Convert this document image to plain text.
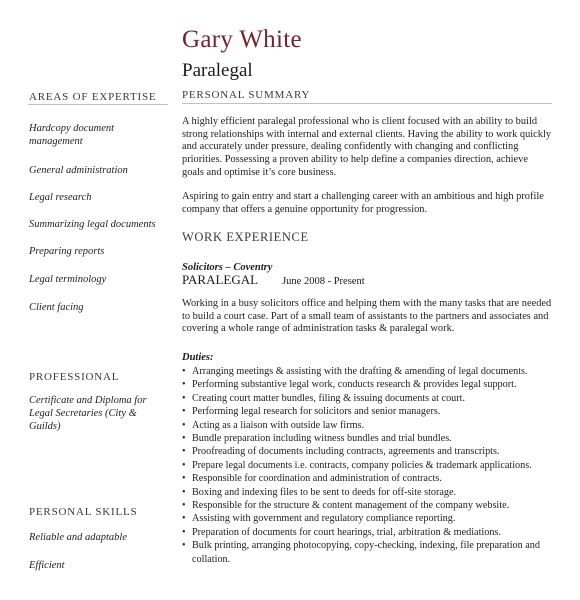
Gary White
Paralegal
AREAS OF EXPERTISE
Hardcopy document management
General administration
Legal research
Summarizing legal documents
Preparing reports
Legal terminology
Client facing
PROFESSIONAL
Certificate and Diploma for Legal Secretaries (City & Guilds)
PERSONAL SKILLS
Reliable and adaptable
Efficient
PERSONAL SUMMARY
A highly efficient paralegal professional who is client focused with an ability to build strong relationships with internal and external clients. Having the ability to work quickly and accurately under pressure, dealing confidently with changing and conflicting priorities. Possessing a proven ability to help define a companies direction, achieve goals and optimise it’s core business.
Aspiring to gain entry and start a challenging career with an ambitious and high profile company that offers a genuine opportunity for progression.
WORK EXPERIENCE
Solicitors – Coventry
PARALEGAL June 2008 - Present
Working in a busy solicitors office and helping them with the many tasks that are needed to build a court case. Part of a small team of assistants to the partners and associates and covering a whole range of administration tasks & paralegal work.
Duties:
• Arranging meetings & assisting with the drafting & amending of legal documents.
• Performing substantive legal work, conducts research & provides legal support.
• Creating court matter bundles, filing & issuing documents at court.
• Performing legal research for solicitors and senior managers.
• Acting as a liaison with outside law firms.
• Bundle preparation including witness bundles and trial bundles.
• Proofreading of documents including contracts, agreements and transcripts.
• Prepare legal documents i.e. contracts, company policies & trademark applications.
• Responsible for coordination and administration of contracts.
• Boxing and indexing files to be sent to deeds for off-site storage.
• Responsible for the structure & content management of the company website.
• Assisting with government and regulatory compliance reporting.
• Preparation of documents for court hearings, trial, arbitration & mediations.
• Bulk printing, arranging photocopying, copy-checking, indexing, file preparation and collation.
